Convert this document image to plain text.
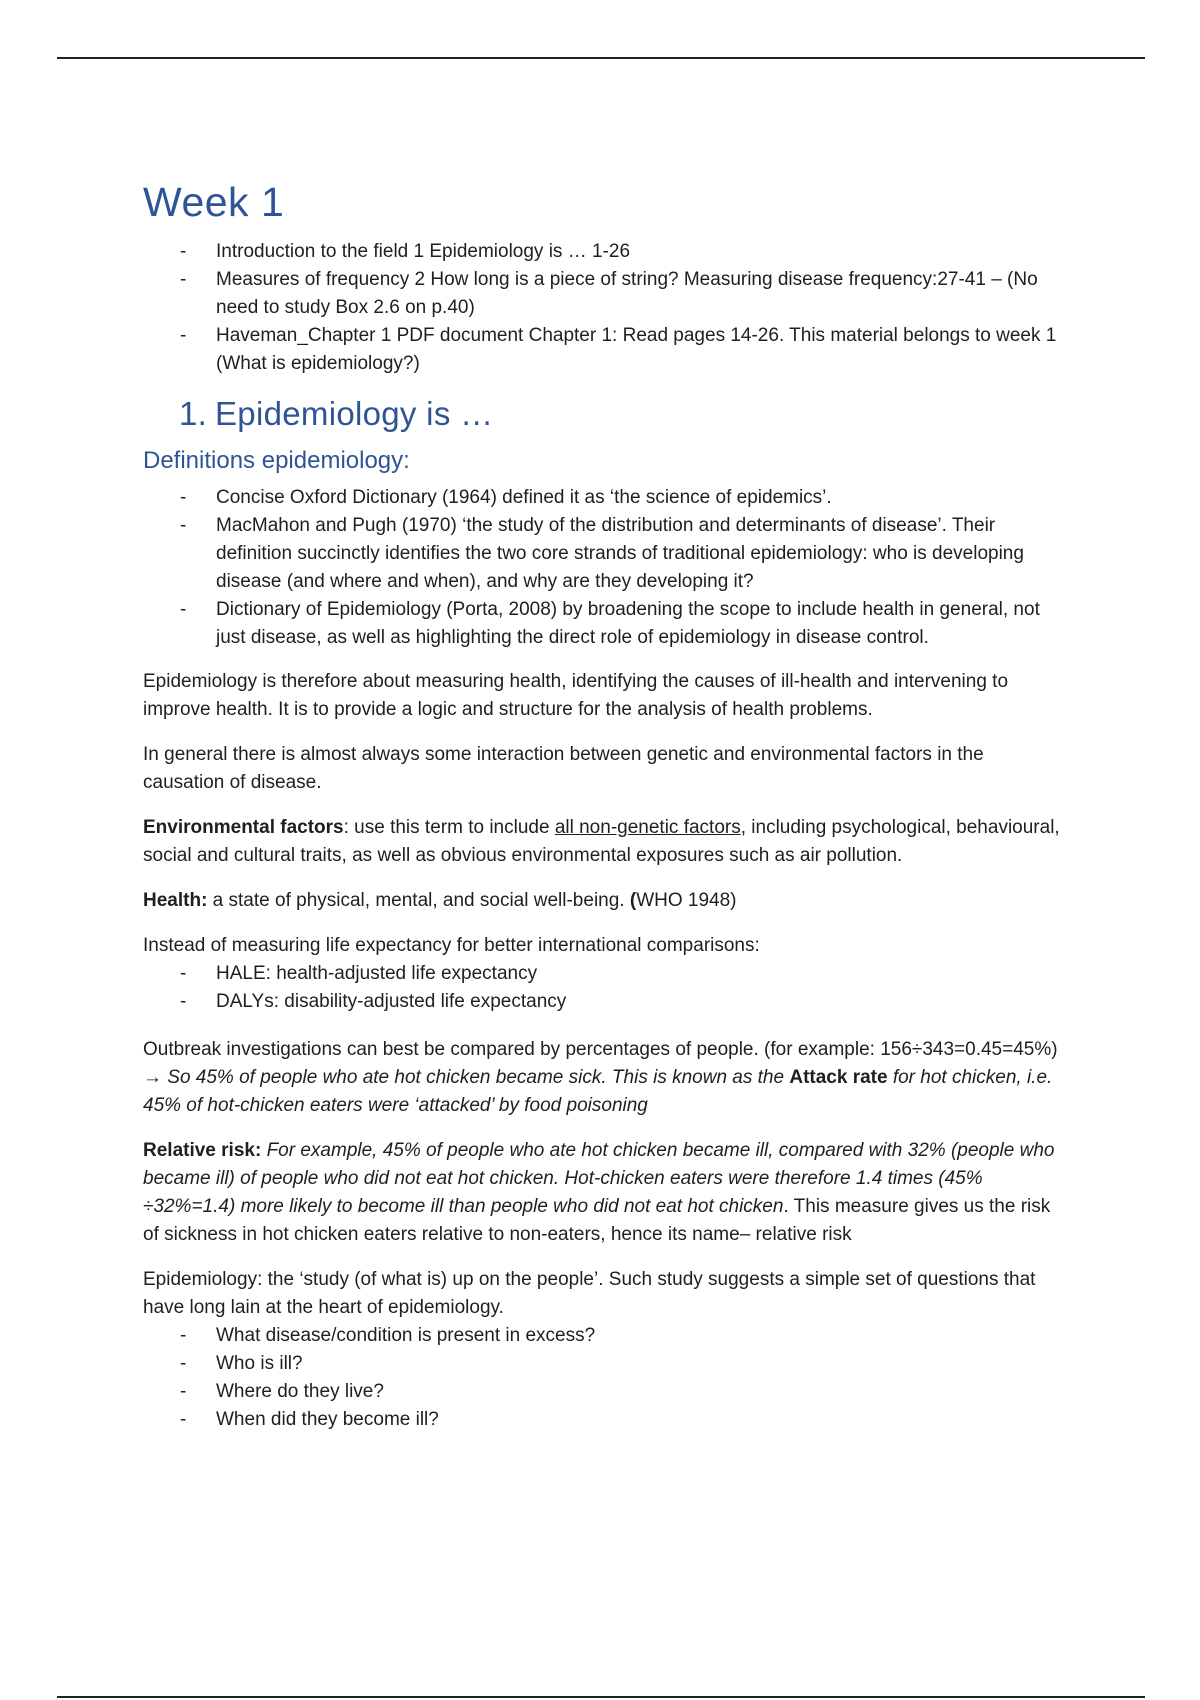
Week 1
- Introduction to the field 1 Epidemiology is … 1-26
- Measures of frequency 2 How long is a piece of string? Measuring disease frequency:27-41 – (No need to study Box 2.6 on p.40)
- Haveman_Chapter 1 PDF document Chapter 1: Read pages 14-26. This material belongs to week 1 (What is epidemiology?)
1. Epidemiology is …
Definitions epidemiology:
- Concise Oxford Dictionary (1964) defined it as ‘the science of epidemics’.
- MacMahon and Pugh (1970) ‘the study of the distribution and determinants of disease’. Their definition succinctly identifies the two core strands of traditional epidemiology: who is developing disease (and where and when), and why are they developing it?
- Dictionary of Epidemiology (Porta, 2008) by broadening the scope to include health in general, not just disease, as well as highlighting the direct role of epidemiology in disease control.

Epidemiology is therefore about measuring health, identifying the causes of ill-health and intervening to improve health. It is to provide a logic and structure for the analysis of health problems.

In general there is almost always some interaction between genetic and environmental factors in the causation of disease.

Environmental factors: use this term to include all non-genetic factors, including psychological, behavioural, social and cultural traits, as well as obvious environmental exposures such as air pollution.

Health: a state of physical, mental, and social well-being. (WHO 1948)

Instead of measuring life expectancy for better international comparisons:

- HALE: health-adjusted life expectancy
- DALYs: disability-adjusted life expectancy

Outbreak investigations can best be compared by percentages of people. (for example: 156÷343=0.45=45%) → So 45% of people who ate hot chicken became sick. This is known as the Attack rate for hot chicken, i.e. 45% of hot-chicken eaters were ‘attacked’ by food poisoning

Relative risk: For example, 45% of people who ate hot chicken became ill, compared with 32% (people who became ill) of people who did not eat hot chicken. Hot-chicken eaters were therefore 1.4 times (45% ÷32%=1.4) more likely to become ill than people who did not eat hot chicken. This measure gives us the risk of sickness in hot chicken eaters relative to non-eaters, hence its name– relative risk

Epidemiology: the ‘study (of what is) up on the people’. Such study suggests a simple set of questions that have long lain at the heart of epidemiology.

- What disease/condition is present in excess?
- Who is ill?
- Where do they live?
- When did they become ill?
